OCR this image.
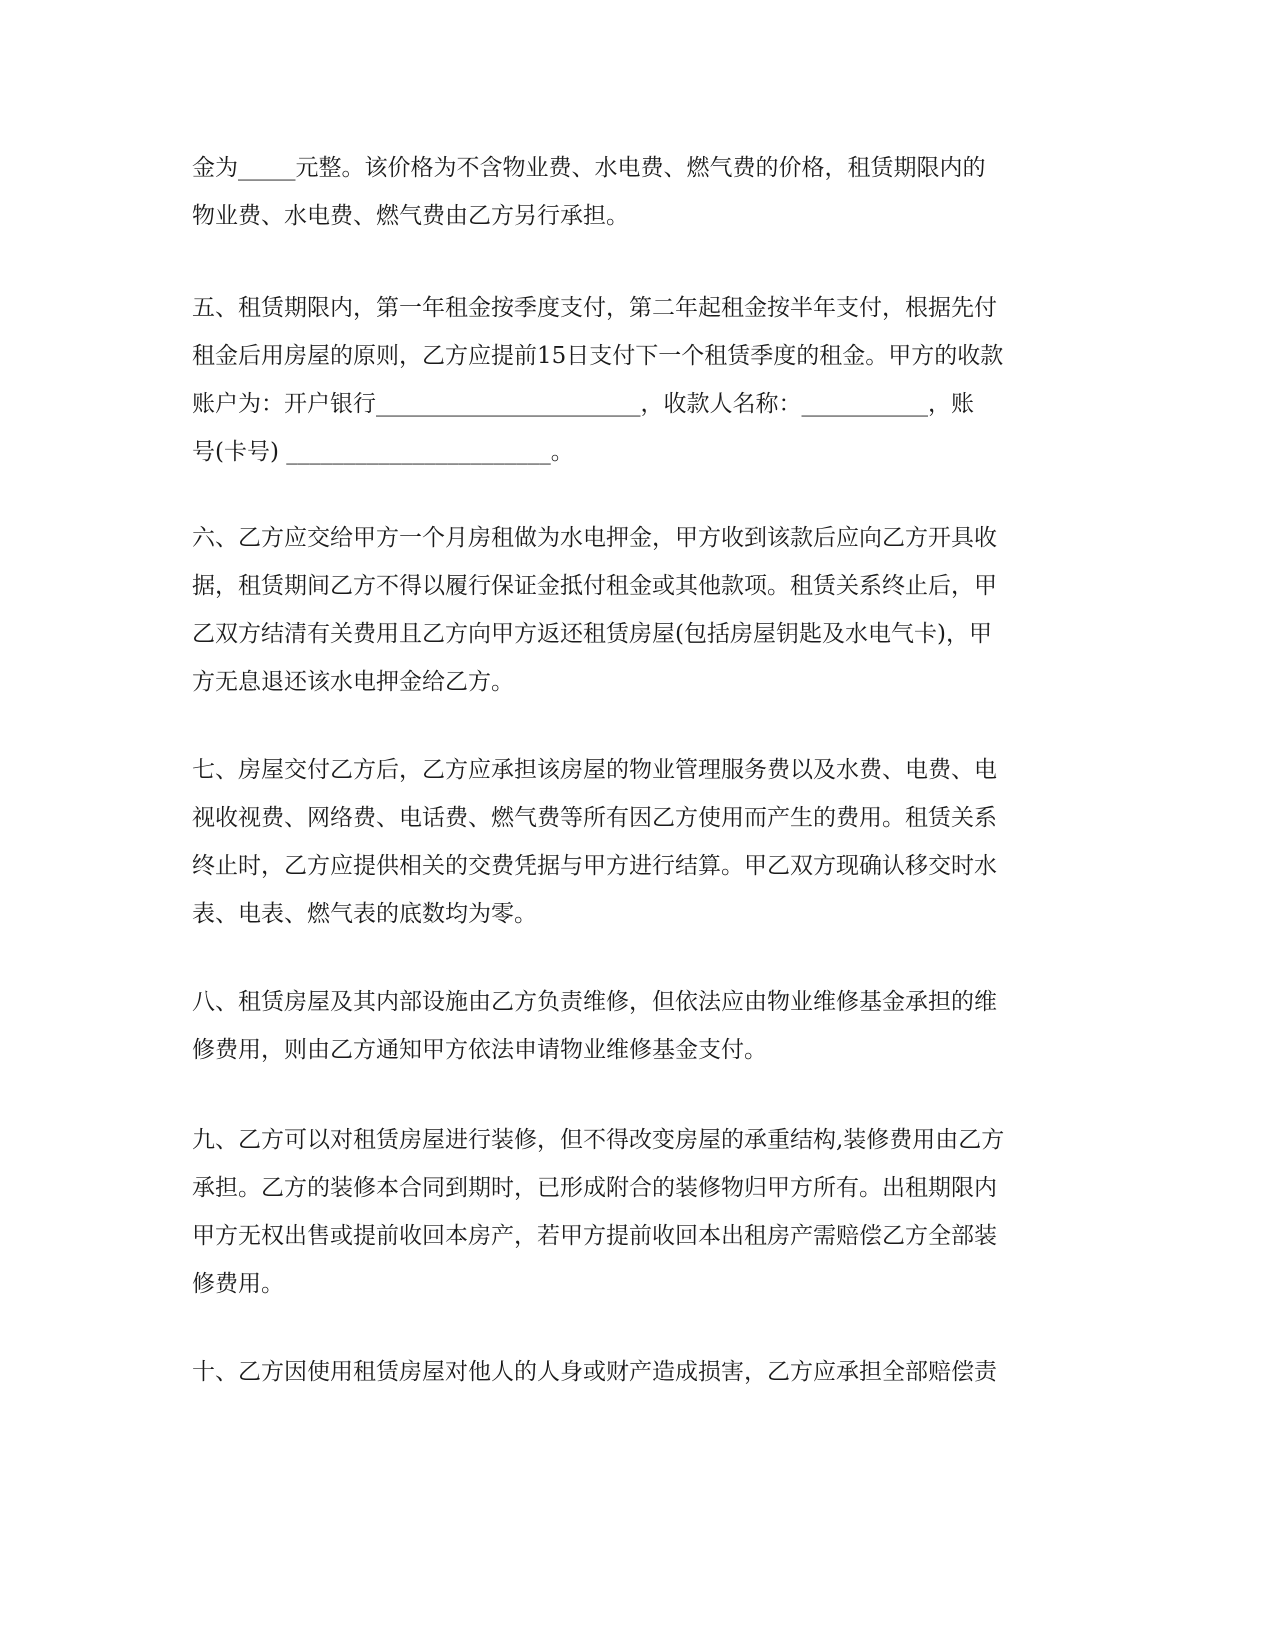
金为_____元整。该价格为不含物业费、水电费、燃气费的价格，租赁期限内的
物业费、水电费、燃气费由乙方另行承担。
五、租赁期限内，第一年租金按季度支付，第二年起租金按半年支付，根据先付
租金后用房屋的原则，乙方应提前15日支付下一个租赁季度的租金。甲方的收款
账户为：开户银行_______________________，收款人名称：___________，账
号(卡号) _______________________。
六、乙方应交给甲方一个月房租做为水电押金，甲方收到该款后应向乙方开具收
据，租赁期间乙方不得以履行保证金抵付租金或其他款项。租赁关系终止后，甲
乙双方结清有关费用且乙方向甲方返还租赁房屋(包括房屋钥匙及水电气卡)，甲
方无息退还该水电押金给乙方。
七、房屋交付乙方后，乙方应承担该房屋的物业管理服务费以及水费、电费、电
视收视费、网络费、电话费、燃气费等所有因乙方使用而产生的费用。租赁关系
终止时，乙方应提供相关的交费凭据与甲方进行结算。甲乙双方现确认移交时水
表、电表、燃气表的底数均为零。
八、租赁房屋及其内部设施由乙方负责维修，但依法应由物业维修基金承担的维
修费用，则由乙方通知甲方依法申请物业维修基金支付。
九、乙方可以对租赁房屋进行装修，但不得改变房屋的承重结构,装修费用由乙方
承担。乙方的装修本合同到期时，已形成附合的装修物归甲方所有。出租期限内
甲方无权出售或提前收回本房产，若甲方提前收回本出租房产需赔偿乙方全部装
修费用。
十、乙方因使用租赁房屋对他人的人身或财产造成损害，乙方应承担全部赔偿责
